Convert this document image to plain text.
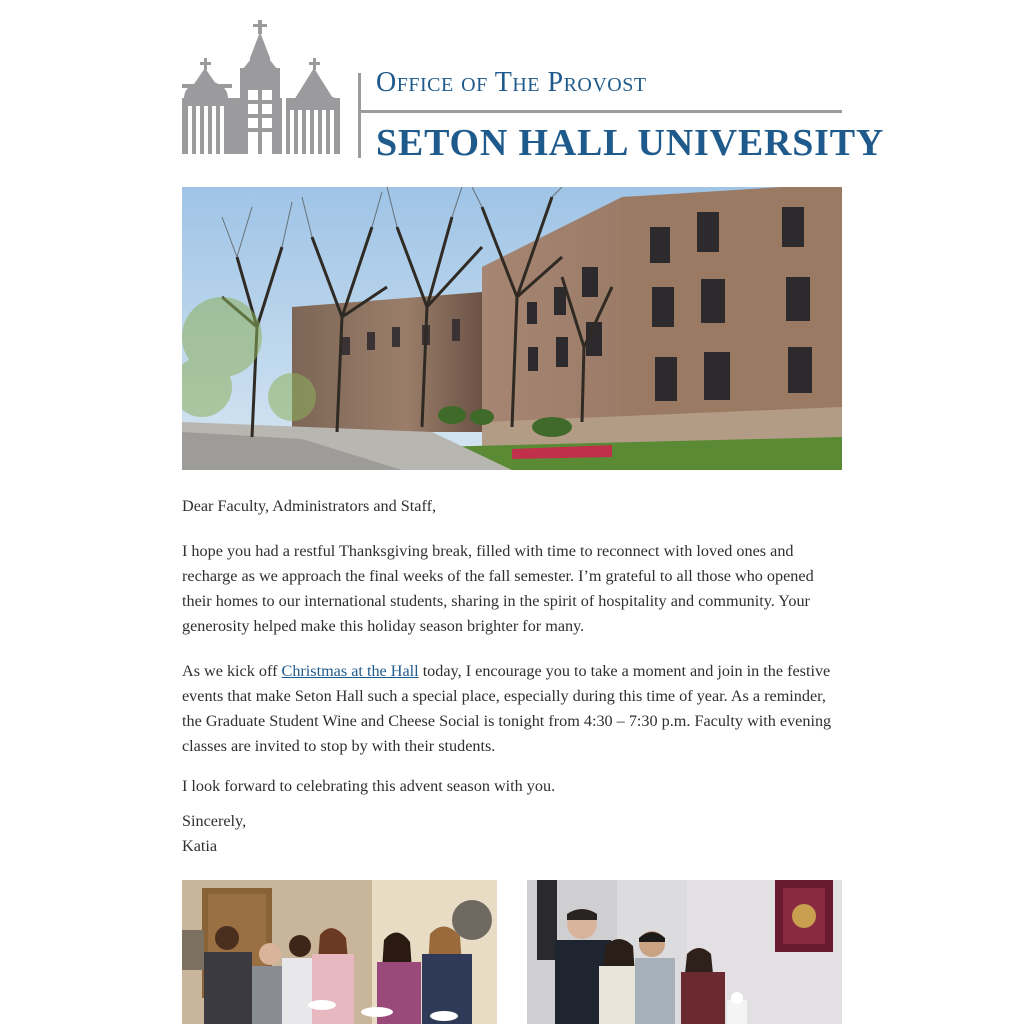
Office of The Provost
SETON HALL UNIVERSITY

Dear Faculty, Administrators and Staff,

I hope you had a restful Thanksgiving break, filled with time to reconnect with loved ones and recharge as we approach the final weeks of the fall semester. I’m grateful to all those who opened their homes to our international students, sharing in the spirit of hospitality and community. Your generosity helped make this holiday season brighter for many.

As we kick off Christmas at the Hall today, I encourage you to take a moment and join in the festive events that make Seton Hall such a special place, especially during this time of year. As a reminder, the Graduate Student Wine and Cheese Social is tonight from 4:30 – 7:30 p.m. Faculty with evening classes are invited to stop by with their students.

I look forward to celebrating this advent season with you.

Sincerely,

Katia
